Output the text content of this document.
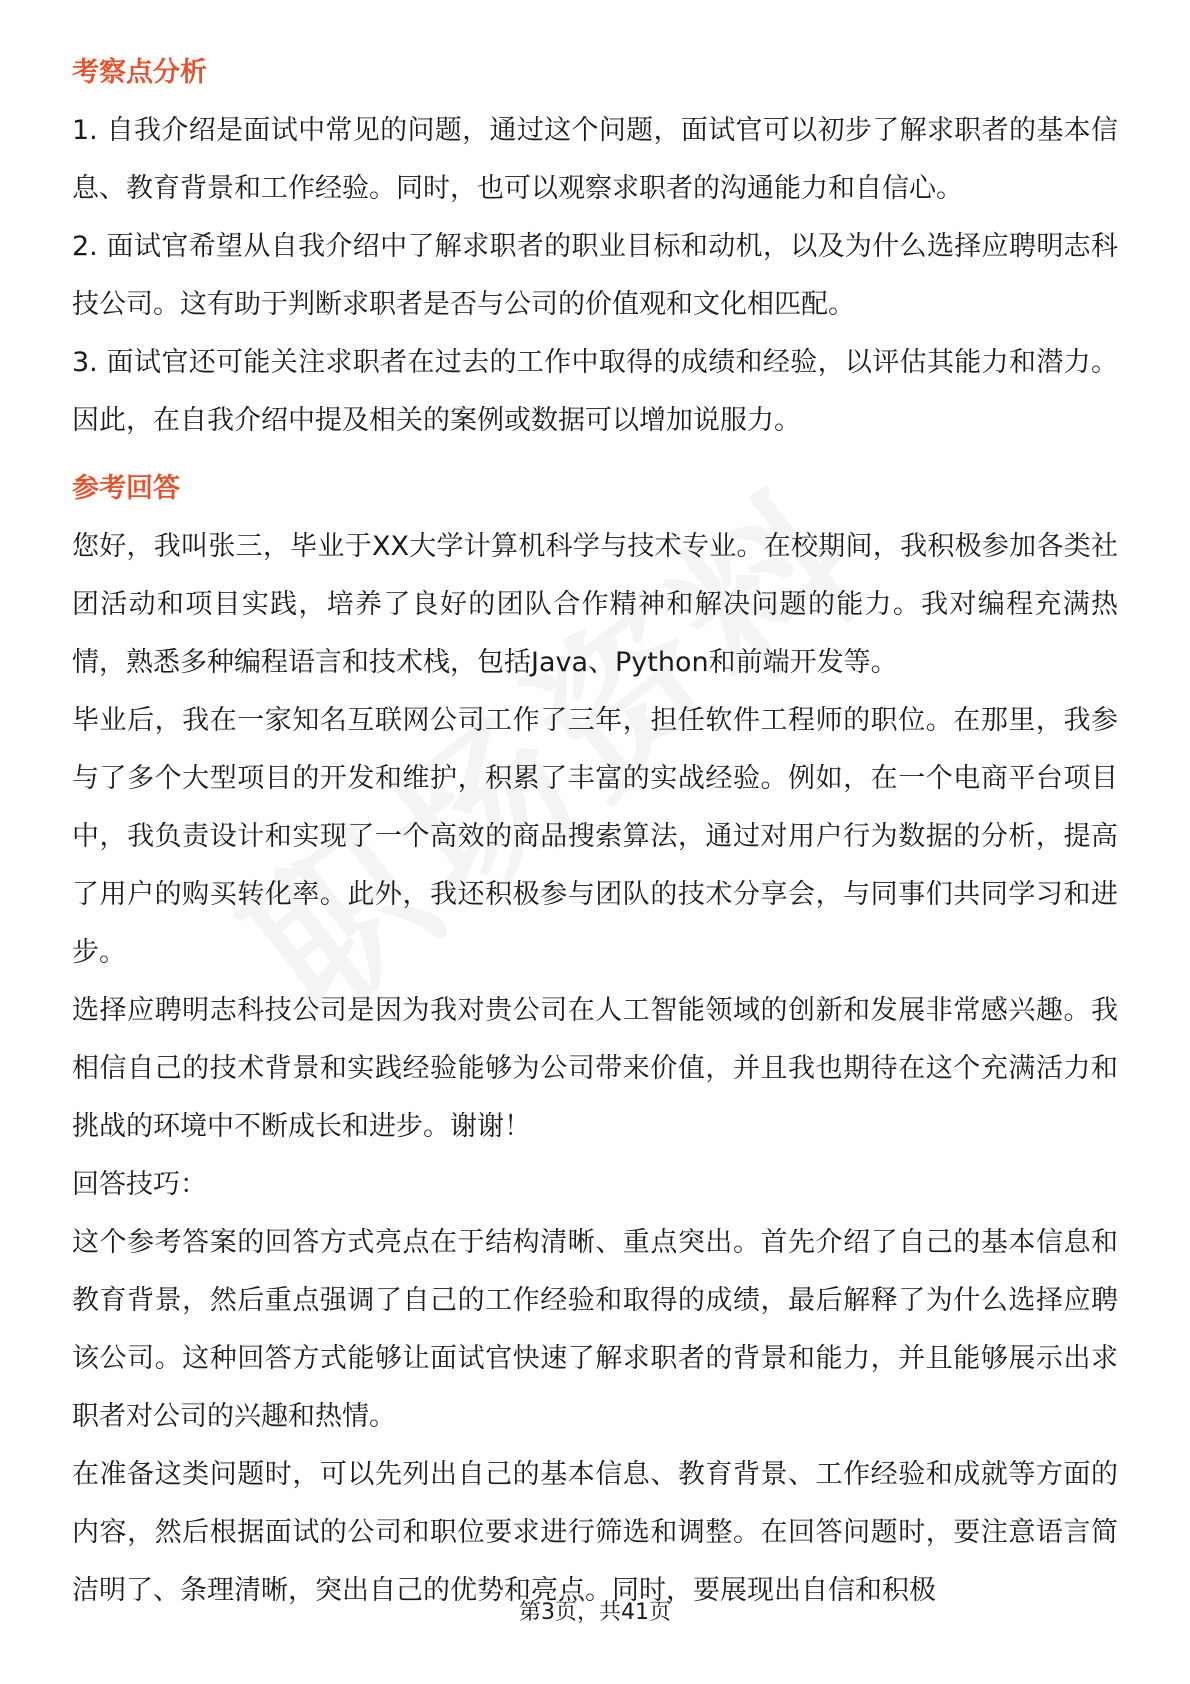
考察点分析

1. 自我介绍是面试中常见的问题，通过这个问题，面试官可以初步了解求职者的基本信息、教育背景和工作经验。同时，也可以观察求职者的沟通能力和自信心。

2. 面试官希望从自我介绍中了解求职者的职业目标和动机，以及为什么选择应聘明志科技公司。这有助于判断求职者是否与公司的价值观和文化相匹配。

3. 面试官还可能关注求职者在过去的工作中取得的成绩和经验，以评估其能力和潜力。因此，在自我介绍中提及相关的案例或数据可以增加说服力。

参考回答

您好，我叫张三，毕业于XX大学计算机科学与技术专业。在校期间，我积极参加各类社团活动和项目实践，培养了良好的团队合作精神和解决问题的能力。我对编程充满热情，熟悉多种编程语言和技术栈，包括Java、Python和前端开发等。

毕业后，我在一家知名互联网公司工作了三年，担任软件工程师的职位。在那里，我参与了多个大型项目的开发和维护，积累了丰富的实战经验。例如，在一个电商平台项目中，我负责设计和实现了一个高效的商品搜索算法，通过对用户行为数据的分析，提高了用户的购买转化率。此外，我还积极参与团队的技术分享会，与同事们共同学习和进步。

选择应聘明志科技公司是因为我对贵公司在人工智能领域的创新和发展非常感兴趣。我相信自己的技术背景和实践经验能够为公司带来价值，并且我也期待在这个充满活力和挑战的环境中不断成长和进步。谢谢！

回答技巧：

这个参考答案的回答方式亮点在于结构清晰、重点突出。首先介绍了自己的基本信息和教育背景，然后重点强调了自己的工作经验和取得的成绩，最后解释了为什么选择应聘该公司。这种回答方式能够让面试官快速了解求职者的背景和能力，并且能够展示出求职者对公司的兴趣和热情。

在准备这类问题时，可以先列出自己的基本信息、教育背景、工作经验和成就等方面的内容，然后根据面试的公司和职位要求进行筛选和调整。在回答问题时，要注意语言简洁明了、条理清晰，突出自己的优势和亮点。同时，要展现出自信和积极

第3页，共41页
